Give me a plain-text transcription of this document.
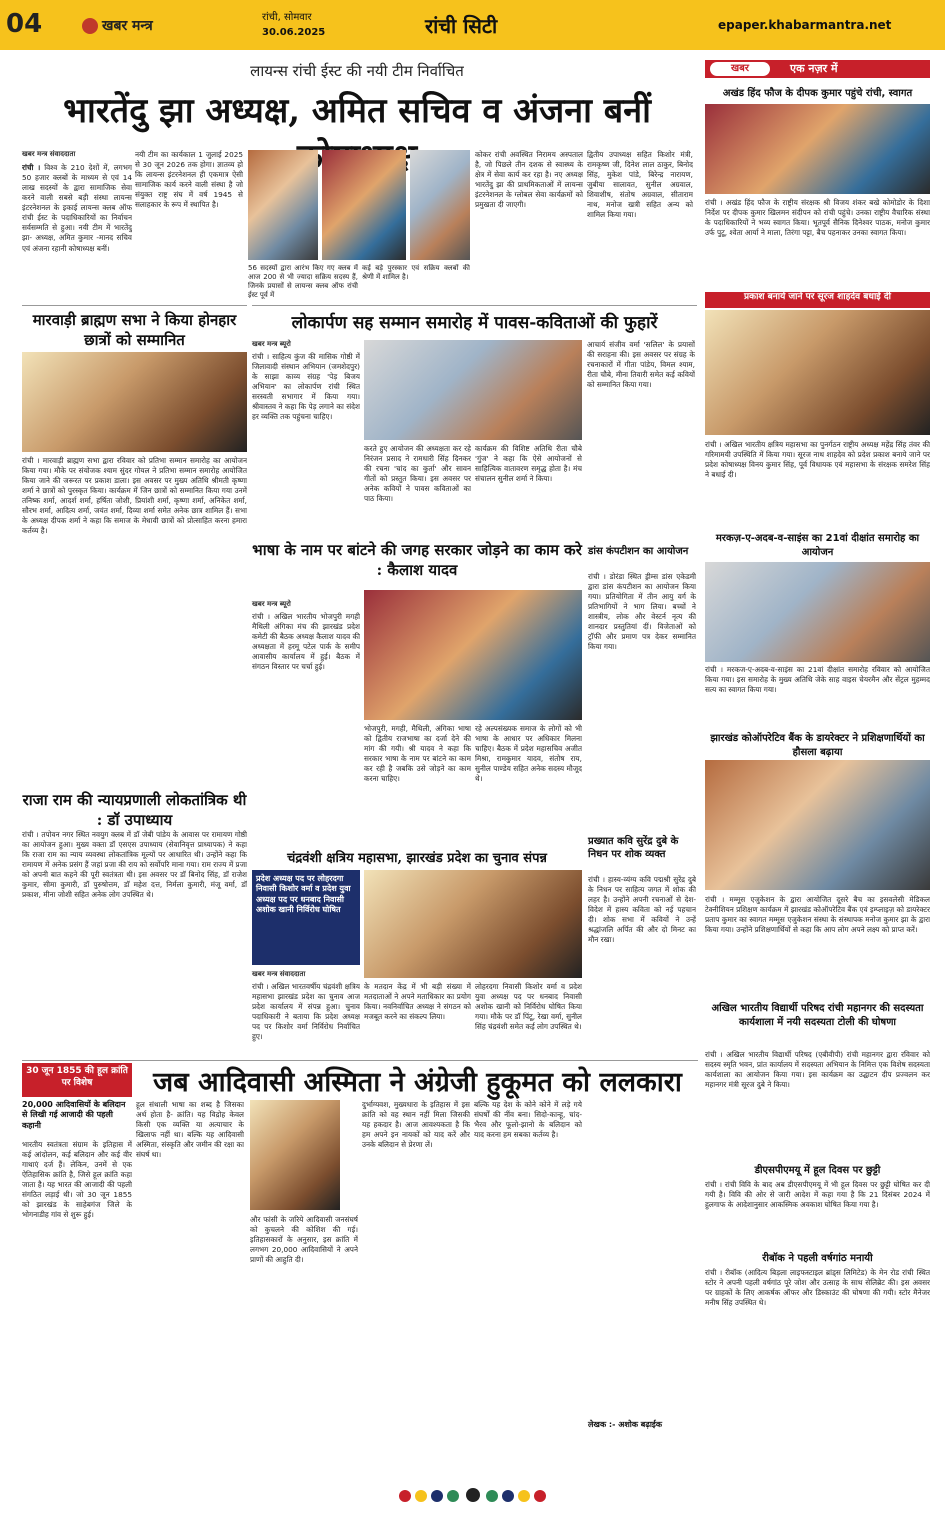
04	खबर मन्त्र
रांची, सोमवार
30.06.2025	रांची सिटी	epaper.khabarmantra.net
लायन्स रांची ईस्ट की नयी टीम निर्वाचित
भारतेंदु झा अध्यक्ष, अमित सचिव व अंजना बनीं
खबर मन्त्र संवाददाता
रांची । विश्व के 210 देशों में, लगभग 50 हजार क्लबों के माध्यम से एवं 14 लाख सदस्यों के द्वारा सामाजिक सेवा करने वाली सबसे बड़ी संस्था लायन्स इंटरनेशनल के इकाई लायन्स क्लब ऑफ रांची ईस्ट के पदाधिकारियों का निर्वाचन सर्वसम्मति से हुआ। नयी टीम में भारतेंदु झा- अध्यक्ष, अमित कुमार -मानद सचिव एवं अंजना रहानी कोषाध्यक्ष बनीं।
नयी टीम का कार्यकाल 1 जुलाई 2025 से 30 जून 2026 तक होगा। ज्ञातव्य हो कि लायन्स इंटरनेशनल ही एकमात्र ऐसी सामाजिक कार्य करने वाली संस्था है जो संयुक्त राष्ट्र संघ में वर्ष 1945 से सलाहकार के रूप में स्थापित है।
56 सदस्यों द्वारा आरंभ किए गए क्लब में आज 200 से भी ज्यादा सक्रिय सदस्य हैं, जिनके प्रयासों से लायन्स क्लब ऑफ रांची ईस्ट पूर्व में
कई बड़े पुरस्कार एवं सक्रिय क्लबों की श्रेणी में शामिल है।
कोकर रांची अवस्थित निरामय अस्पताल है, जो पिछले तीन दशक से स्वास्थ्य के क्षेत्र में सेवा कार्य कर रहा है। नए अध्यक्ष भारतेंदु झा की प्राथमिकताओं में लायन्स इंटरनेशनल के ग्लोबल सेवा कार्यक्रमों को प्रमुखता दी जाएगी।
द्वितीय उपाध्यक्ष सहित किशोर मंत्री, रामकृष्ण जी, दिनेश लाल ठाकुर, बिनोद सिंह, मुकेश पांडे, बिरेन्द्र नारायण, जुबीया सालावत, सुनील अग्रवाल, शिवाशीष, संतोष अग्रवाल, सीताराम नाथ, मनोज खत्री सहित अन्य को शामिल किया गया।
खबर	एक नज़र में
अखंड हिंद फौज के दीपक कुमार पहुंचे रांची, स्वागत
रांची । अखंड हिंद फौज के राष्ट्रीय संरक्षक श्री विजय शंकर बखे कोमोडोर के दिशा निर्देश पर दीपक कुमार खिलमन संदीपन को रांची पहुंचे। उनका राष्ट्रीय वैचारिक संस्था के पदाधिकारियों ने भव्य स्वागत किया। भूतपूर्व सैनिक दिनेश्वर पाठक, मनोज कुमार उर्फ पुटू, श्वेता आर्या ने माला, तिरंगा पट्टा, बैच पहनाकर उनका स्वागत किया।
प्रकाश बनाये जाने पर सूरज शाहदेव बधाई दी
रांची । अखिल भारतीय क्षत्रिय महासभा का पुनर्गठन राष्ट्रीय अध्यक्ष महेंद्र सिंह तंवर की गरिमामयी उपस्थिति में किया गया। सूरज नाथ शाहदेव को प्रदेश प्रकाश बनाये जाने पर प्रदेश कोषाध्यक्ष विनय कुमार सिंह, पूर्व विधायक एवं महासभा के संरक्षक समरेश सिंह ने बधाई दी।
मरकज़-ए-अदब-व-साइंस का 21वां दीक्षांत समारोह का आयोजन
रांची । मरकज-ए-अदब-व-साइंस का 21वां दीक्षांत समारोह रविवार को आयोजित किया गया। इस समारोह के मुख्य अतिथि जेके साह वाइस चेयरमैन और सेंट्रल मुहम्मद सत्य का स्वागत किया गया।
झारखंड कोऑपरेटिव बैंक के डायरेक्टर ने प्रशिक्षणार्थियों का हौसला बढ़ाया
रांची । मम्मूस एजुकेशन के द्वारा आयोजित दूसरे बैच का इसवलेसी मेडिकल टेक्नीशियन प्रशिक्षण कार्यक्रम में झारखंड कोऑपरेटिव बैंक एवं इम्प्लाइज़ को डायरेक्टर प्रताप कुमार का स्वागत मम्मूस एजुकेशन संस्था के संस्थापक मनोज कुमार झा के द्वारा किया गया। उन्होंने प्रशिक्षणार्थियों से कहा कि आप लोग अपने लक्ष्य को प्राप्त करें।
अखिल भारतीय विद्यार्थी परिषद रांची महानगर की सदस्यता कार्यशाला में नयी सदस्यता टोली की घोषणा
रांची । अखिल भारतीय विद्यार्थी परिषद (एबीवीपी) रांची महानगर द्वारा रविवार को सदस्य स्मृति भवन, प्रांत कार्यालय में सदस्यता अभियान के निमित्त एक विशेष सदस्यता कार्यशाला का आयोजन किया गया। इस कार्यक्रम का उद्घाटन दीप प्रज्वलन कर महानगर मंत्री सूरज दुबे ने किया।
डीएसपीएमयू में हूल दिवस पर छुट्टी
रांची । रांची विवि के बाद अब डीएसपीएमयू में भी हूल दिवस पर छुट्टी घोषित कर दी गयी है। विवि की ओर से जारी आदेश में कहा गया है कि 21 दिसंबर 2024 में हुलगाफ के आदेशानुसार आकस्मिक अवकाश घोषित किया गया है।
रीबॉक ने पहली वर्षगांठ मनायी
रांची । रीबॉक (आदित्य बिड़ला लाइफस्टाइल ब्रांड्स लिमिटेड) के मेन रोड रांची स्थित स्टोर ने अपनी पहली वर्षगांठ पूरे जोश और उत्साह के साथ सेलिब्रेट की। इस अवसर पर ग्राहकों के लिए आकर्षक ऑफर और डिस्काउंट की घोषणा की गयी। स्टोर मैनेजर मनीष सिंह उपस्थित थे।
मारवाड़ी ब्राह्मण सभा ने किया होनहार छात्रों को सम्मानित
रांची । मारवाड़ी ब्राह्मण सभा द्वारा रविवार को प्रतिभा सम्मान समारोह का आयोजन किया गया। मौके पर संयोजक श्याम सुंदर गोयल ने प्रतिभा सम्मान समारोह आयोजित किया जाने की जरूरत पर प्रकाश डाला। इस अवसर पर मुख्य अतिथि श्रीमती कृष्णा शर्मा ने छात्रों को पुरस्कृत किया। कार्यक्रम में जिन छात्रों को सम्मानित किया गया उनमें तनिष्क शर्मा, आदर्श शर्मा, हर्षिता जोशी, प्रियांशी शर्मा, कृष्णा शर्मा, अनिकेत शर्मा, सौरभ शर्मा, आदित्य शर्मा, जयंत शर्मा, दिव्या शर्मा समेत अनेक छात्र शामिल हैं। सभा के अध्यक्ष दीपक शर्मा ने कहा कि समाज के मेधावी छात्रों को प्रोत्साहित करना हमारा कर्तव्य है।
राजा राम की न्यायप्रणाली लोकतांत्रिक थी : डॉ उपाध्याय
रांची । तपोवन नगर स्थित नवयुग क्लब में डॉ जेबी पांडेय के आवास पर रामायण गोष्ठी का आयोजन हुआ। मुख्य वक्ता डॉ एसएस उपाध्याय (सेवानिवृत्त प्राध्यापक) ने कहा कि राजा राम का न्याय व्यवस्था लोकतांत्रिक मूल्यों पर आधारित थी। उन्होंने कहा कि रामायण में अनेक प्रसंग हैं जहां प्रजा की राय को सर्वोपरि माना गया। राम राज्य में प्रजा को अपनी बात कहने की पूरी स्वतंत्रता थी। इस अवसर पर डॉ बिनोद सिंह, डॉ राजेश कुमार, सीमा कुमारी, डॉ पुरुषोत्तम, डॉ महेश दत्त, निर्मला कुमारी, मंजू वर्मा, डॉ प्रकाश, मीना जोशी सहित अनेक लोग उपस्थित थे।
लोकार्पण सह सम्मान समारोह में पावस-कविताओं की फुहारें
खबर मन्त्र ब्यूरो
रांची । साहित्य कुंज की मासिक गोष्ठी में जिलावादी संस्थान अभियान (जमशेदपुर) के साझा काव्य संग्रह 'पेड़ बिजय अभियान' का लोकार्पण रांची स्थित सरस्वती सभागार में किया गया। श्रीवास्तव ने कहा कि पेड़ लगाने का संदेश हर व्यक्ति तक पहुंचना चाहिए।
करते हुए आयोजन की अध्यक्षता कर रहे निरंजन प्रसाद ने रामधारी सिंह दिनकर की रचना 'चांद का कुर्ता' और सावन गीतों को प्रस्तुत किया। इस अवसर पर अनेक कवियों ने पावस कविताओं का पाठ किया।
कार्यक्रम की विशिष्ट अतिथि रीता चौबे 'गुंज' ने कहा कि ऐसे आयोजनों से साहित्यिक वातावरण समृद्ध होता है। मंच संचालन सुनील शर्मा ने किया।
आचार्य संजीव वर्मा 'सलिल' के प्रयासों की सराहना की। इस अवसर पर संग्रह के रचनाकारों में गीता पांडेय, विमल श्याम, रीता चौबे, मीना तिवारी समेत कई कवियों को सम्मानित किया गया।
भाषा के नाम पर बांटने की जगह सरकार जोड़ने का काम करे : कैलाश यादव
खबर मन्त्र ब्यूरो
रांची । अखिल भारतीय भोजपुरी मगही मैथिली अंगिका मंच की झारखंड प्रदेश कमेटी की बैठक अध्यक्ष कैलाश यादव की अध्यक्षता में हरमू पटेल पार्क के समीप आवासीय कार्यालय में हुई। बैठक में संगठन विस्तार पर चर्चा हुई।
भोजपुरी, मगही, मैथिली, अंगिका भाषा को द्वितीय राजभाषा का दर्जा देने की मांग की गयी। श्री यादव ने कहा कि सरकार भाषा के नाम पर बांटने का काम कर रही है जबकि उसे जोड़ने का काम करना चाहिए।
रहे अल्पसंख्यक समाज के लोगों को भी भाषा के आधार पर अधिकार मिलना चाहिए। बैठक में प्रदेश महासचिव अजीत मिश्रा, रामकुमार यादव, संतोष राय, सुनील पाण्डेय सहित अनेक सदस्य मौजूद थे।
डांस कंपटीशन का आयोजन
रांची । डोरंडा स्थित ड्रीम्स डांस एकेडमी द्वारा डांस कंपटीशन का आयोजन किया गया। प्रतियोगिता में तीन आयु वर्ग के प्रतिभागियों ने भाग लिया। बच्चों ने शास्त्रीय, लोक और वेस्टर्न नृत्य की शानदार प्रस्तुतियां दीं। विजेताओं को ट्रॉफी और प्रमाण पत्र देकर सम्मानित किया गया।
प्रख्यात कवि सुरेंद्र दुबे के निधन पर शोक व्यक्त
रांची । हास्य-व्यंग्य कवि पद्मश्री सुरेंद्र दुबे के निधन पर साहित्य जगत में शोक की लहर है। उन्होंने अपनी रचनाओं से देश-विदेश में हास्य कविता को नई पहचान दी। शोक सभा में कवियों ने उन्हें श्रद्धांजलि अर्पित की और दो मिनट का मौन रखा।
चंद्रवंशी क्षत्रिय महासभा, झारखंड प्रदेश का चुनाव संपन्न
प्रदेश अध्यक्ष पद पर लोहरदगा निवासी किशोर वर्मा व प्रदेश युवा अध्यक्ष पद पर धनबाद निवासी अशोक खानी निर्विरोध घोषित
खबर मन्त्र संवाददाता
रांची । अखिल भारतवर्षीय चंद्रवंशी क्षत्रिय महासभा झारखंड प्रदेश का चुनाव आज प्रदेश कार्यालय में संपन्न हुआ। चुनाव पदाधिकारी ने बताया कि प्रदेश अध्यक्ष पद पर किशोर वर्मा निर्विरोध निर्वाचित हुए।
के मतदान केंद्र में भी बड़ी संख्या में मतदाताओं ने अपने मताधिकार का प्रयोग किया। नवनिर्वाचित अध्यक्ष ने संगठन को मजबूत करने का संकल्प लिया।
लोहरदगा निवासी किशोर वर्मा व प्रदेश युवा अध्यक्ष पद पर धनबाद निवासी अशोक खानी को निर्विरोध घोषित किया गया। मौके पर डॉ पिंटू, रेखा वर्मा, सुनील सिंह चंद्रवंशी समेत कई लोग उपस्थित थे।
30 जून 1855 की हूल क्रांति पर विशेष	जब आदिवासी अस्मिता ने अंग्रेजी हुकूमत को ललकारा
20,000 आदिवासियों के बलिदान से लिखी गई आजादी की पहली कहानी
भारतीय स्वतंत्रता संग्राम के इतिहास में कई आंदोलन, कई बलिदान और कई वीर गाथाएं दर्ज हैं। लेकिन, उनमें से एक ऐतिहासिक क्रांति है, जिसे हूल क्रांति कहा जाता है। यह भारत की आजादी की पहली संगठित लड़ाई थी। जो 30 जून 1855 को झारखंड के साहेबगंज जिले के भोगनाडीह गांव से शुरू हुई।
हूल संथाली भाषा का शब्द है जिसका अर्थ होता है- क्रांति। यह विद्रोह केवल किसी एक व्यक्ति या अत्याचार के खिलाफ नहीं था। बल्कि यह आदिवासी अस्मिता, संस्कृति और जमीन की रक्षा का संघर्ष था।
और फांसी के जरिये आदिवासी जनसंघर्ष को कुचलने की कोशिश की गई। इतिहासकारों के अनुसार, इस क्रांति में लगभग 20,000 आदिवासियों ने अपने प्राणों की आहुति दी।
दुर्भाग्यवश, मुख्यधारा के इतिहास में इस क्रांति को वह स्थान नहीं मिला जिसकी यह हकदार है। आज आवश्यकता है कि हम अपने इन नायकों को याद करें और उनके बलिदान से प्रेरणा लें।
बल्कि यह देश के कोने कोने में लड़े गये संघर्षों की नींव बना। सिदो-कान्हू, चांद-भैरव और फूलो-झानो के बलिदान को याद करना हम सबका कर्तव्य है।
लेखक :- अशोक बढ़ाईक
